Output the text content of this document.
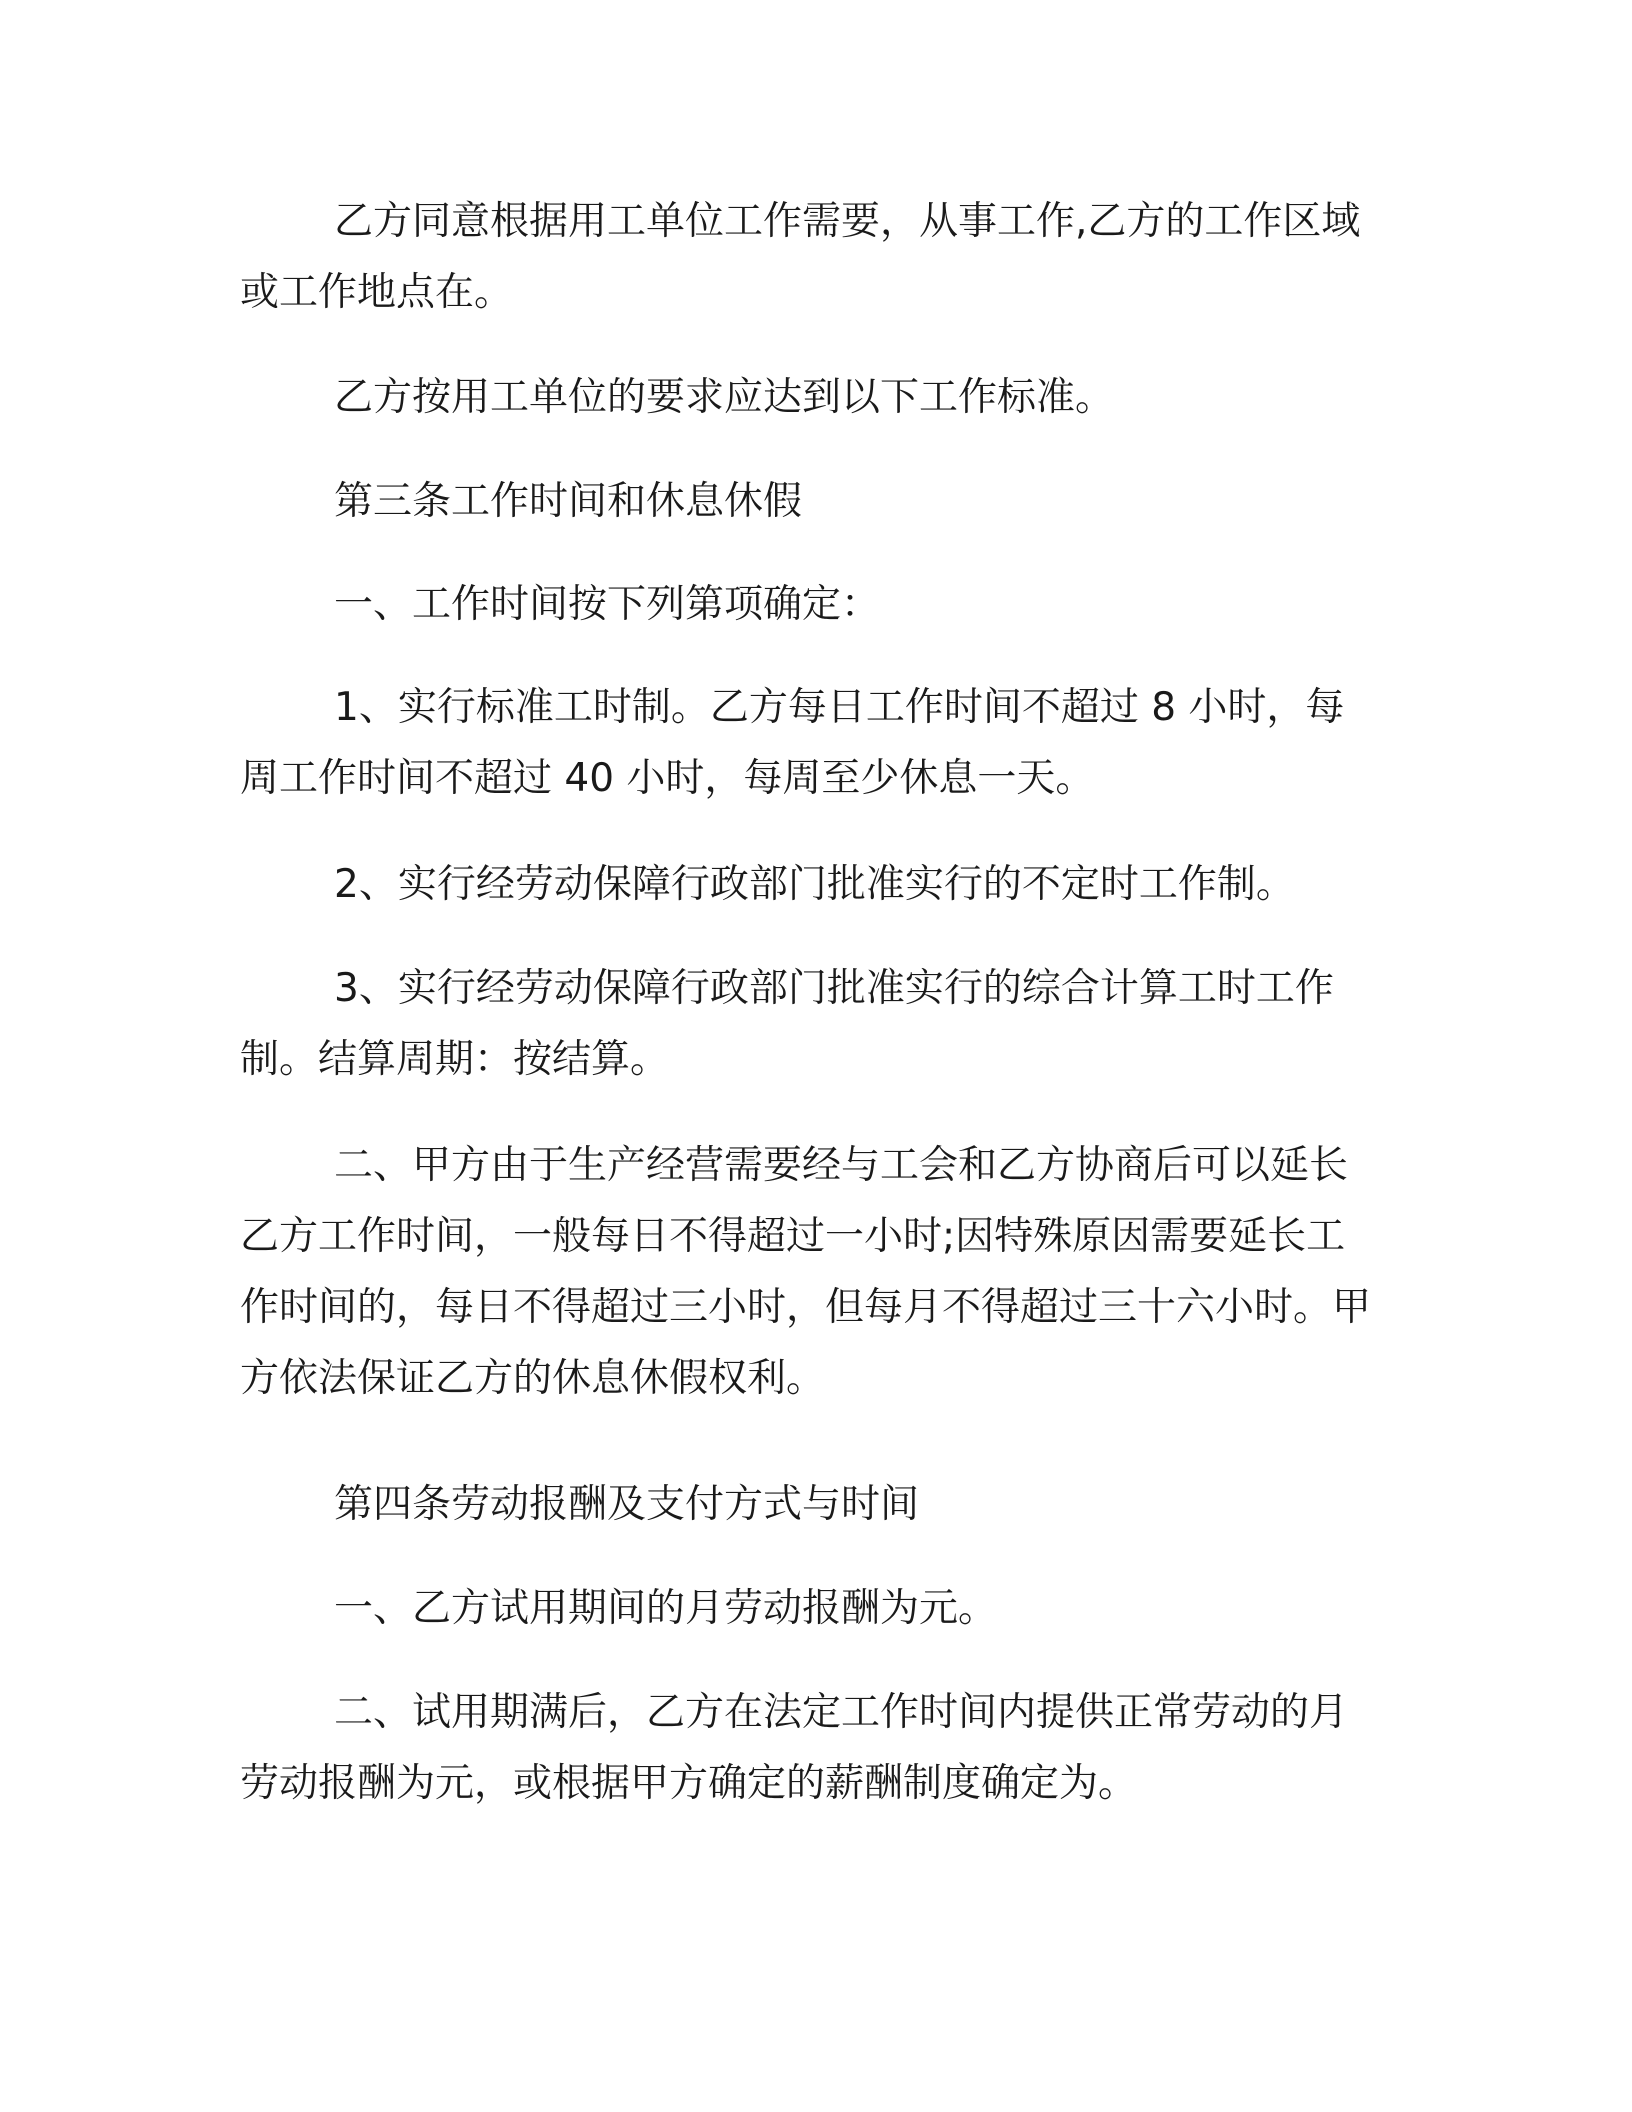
乙方同意根据用工单位工作需要，从事工作,乙方的工作区域或工作地点在。

乙方按用工单位的要求应达到以下工作标准。

第三条工作时间和休息休假

一、工作时间按下列第项确定：

1、实行标准工时制。乙方每日工作时间不超过 8 小时，每周工作时间不超过 40 小时，每周至少休息一天。

2、实行经劳动保障行政部门批准实行的不定时工作制。

3、实行经劳动保障行政部门批准实行的综合计算工时工作制。结算周期：按结算。

二、甲方由于生产经营需要经与工会和乙方协商后可以延长乙方工作时间，一般每日不得超过一小时;因特殊原因需要延长工作时间的，每日不得超过三小时，但每月不得超过三十六小时。甲方依法保证乙方的休息休假权利。

第四条劳动报酬及支付方式与时间

一、乙方试用期间的月劳动报酬为元。

二、试用期满后，乙方在法定工作时间内提供正常劳动的月劳动报酬为元，或根据甲方确定的薪酬制度确定为。
